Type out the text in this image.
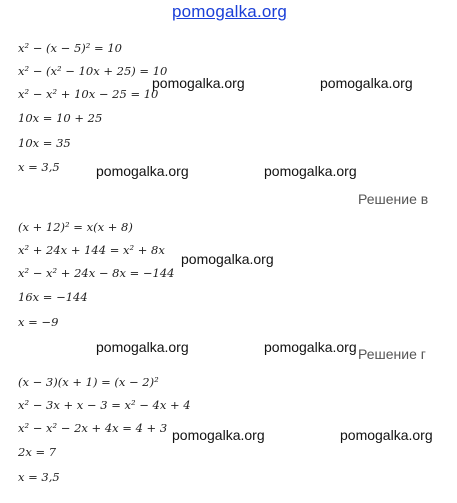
pomogalka.org
x² − (x − 5)² = 10
x² − (x² − 10x + 25) = 10
x² − x² + 10x − 25 = 10
10x = 10 + 25
10x = 35
x = 3,5
Решение в
(x + 12)² = x(x + 8)
x² + 24x + 144 = x² + 8x
x² − x² + 24x − 8x = −144
16x = −144
x = −9
Решение г
(x − 3)(x + 1) = (x − 2)²
x² − 3x + x − 3 = x² − 4x + 4
x² − x² − 2x + 4x = 4 + 3
2x = 7
x = 3,5
pomogalka.org	pomogalka.org
pomogalka.org	pomogalka.org
pomogalka.org
pomogalka.org	pomogalka.org
pomogalka.org	pomogalka.org
